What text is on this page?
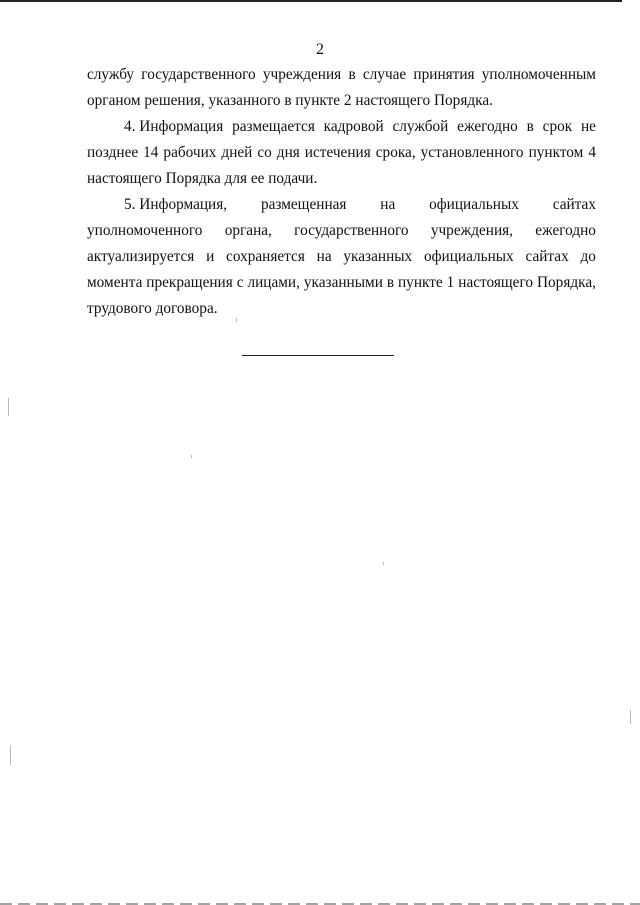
2
службу государственного учреждения в случае принятия уполномоченным
органом решения, указанного в пункте 2 настоящего Порядка.
4. Информация размещается кадровой службой ежегодно в срок не
позднее 14 рабочих дней со дня истечения срока, установленного пунктом 4
настоящего Порядка для ее подачи.
5. Информация, размещенная на официальных сайтах
уполномоченного органа, государственного учреждения, ежегодно
актуализируется и сохраняется на указанных официальных сайтах до
момента прекращения с лицами, указанными в пункте 1 настоящего Порядка,
трудового договора.
